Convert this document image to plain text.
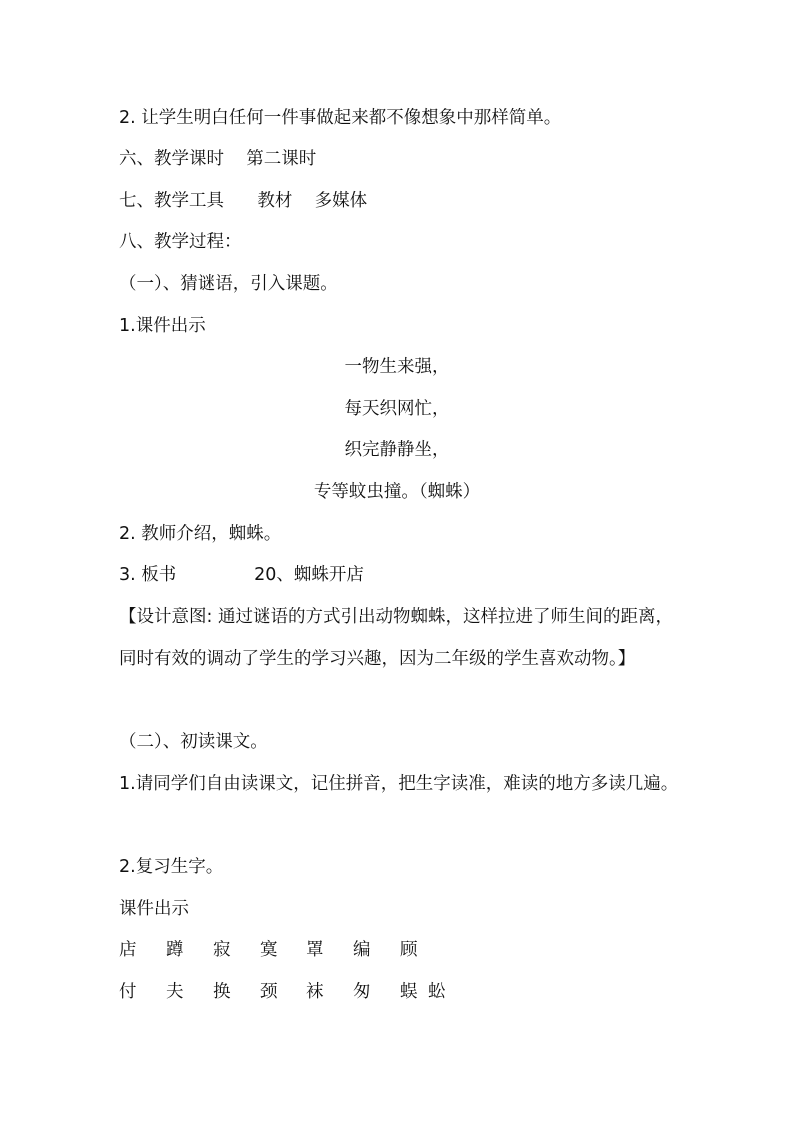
2. 让学生明白任何一件事做起来都不像想象中那样简单。
六、教学课时    第二课时
七、教学工具      教材    多媒体
八、教学过程：
（一）、猜谜语，引入课题。
1.课件出示
一物生来强，
每天织网忙，
织完静静坐，
专等蚊虫撞。（蜘蛛）
2. 教师介绍，蜘蛛。
3. 板书              20、蜘蛛开店
【设计意图: 通过谜语的方式引出动物蜘蛛，这样拉进了师生间的距离，同时有效的调动了学生的学习兴趣，因为二年级的学生喜欢动物。】
（二）、初读课文。
1.请同学们自由读课文，记住拼音，把生字读准，难读的地方多读几遍。
2.复习生字。
课件出示
店 蹲 寂 寞 罩 编 顾
付 夫 换 颈 袜 匆 蜈 蚣
